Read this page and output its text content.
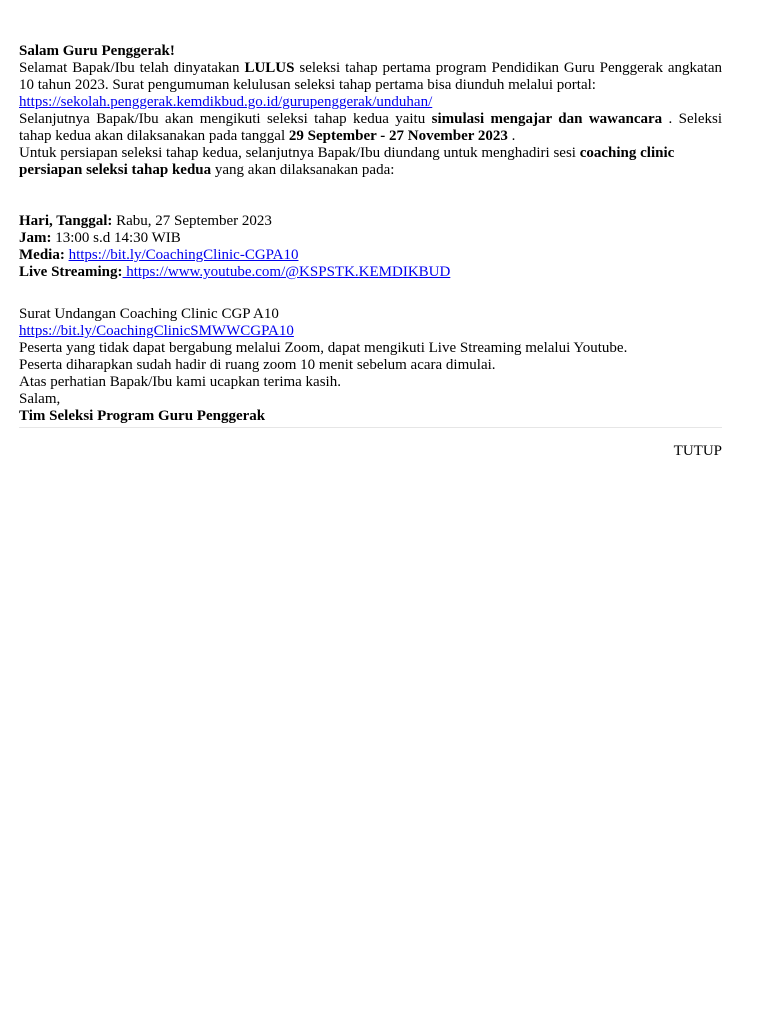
Salam Guru Penggerak!

Selamat Bapak/Ibu telah dinyatakan LULUS seleksi tahap pertama program Pendidikan Guru Penggerak angkatan 10 tahun 2023. Surat pengumuman kelulusan seleksi tahap pertama bisa diunduh melalui portal:
https://sekolah.penggerak.kemdikbud.go.id/gurupenggerak/unduhan/

Selanjutnya Bapak/Ibu akan mengikuti seleksi tahap kedua yaitu simulasi mengajar dan wawancara . Seleksi tahap kedua akan dilaksanakan pada tanggal 29 September - 27 November 2023 .

Untuk persiapan seleksi tahap kedua, selanjutnya Bapak/Ibu diundang untuk menghadiri sesi coaching clinic persiapan seleksi tahap kedua yang akan dilaksanakan pada:

Hari, Tanggal: Rabu, 27 September 2023

Jam: 13:00 s.d 14:30 WIB

Media: https://bit.ly/CoachingClinic-CGPA10

Live Streaming: https://www.youtube.com/@KSPSTK.KEMDIKBUD

Surat Undangan Coaching Clinic CGP A10

https://bit.ly/CoachingClinicSMWWCGPA10

Peserta yang tidak dapat bergabung melalui Zoom, dapat mengikuti Live Streaming melalui Youtube.

Peserta diharapkan sudah hadir di ruang zoom 10 menit sebelum acara dimulai.

Atas perhatian Bapak/Ibu kami ucapkan terima kasih.

Salam,

Tim Seleksi Program Guru Penggerak

TUTUP
